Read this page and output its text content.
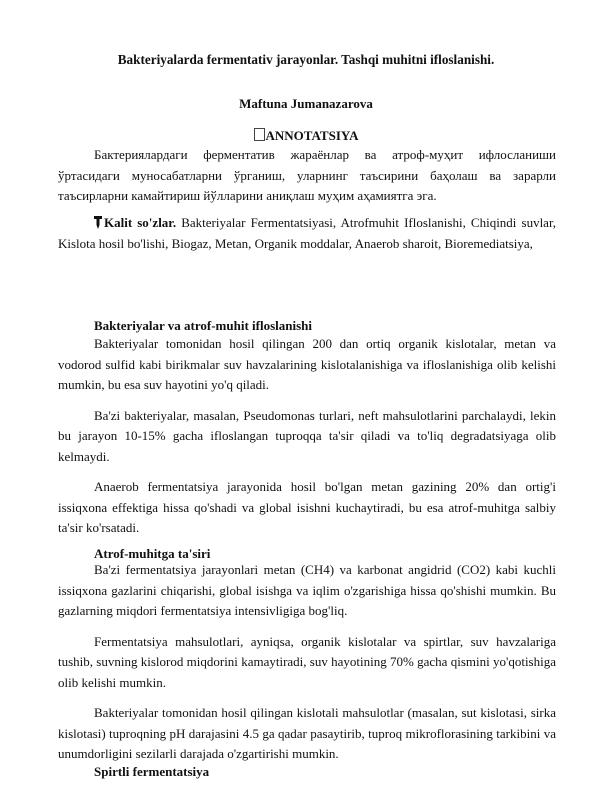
Bakteriyalarda fermentativ jarayonlar. Tashqi muhitni ifloslanishi.
Maftuna Jumanazarova
ANNOTATSIYA

Бактериялардаги ферментатив жараёнлар ва атроф-муҳит ифлосланиши ўртасидаги муносабатларни ўрганиш, уларнинг таъсирини баҳолаш ва зарарли таъсирларни камайтириш йўлларини аниқлаш муҳим аҳамиятга эга.

Kalit so'zlar. Bakteriyalar Fermentatsiyasi, Atrofmuhit Ifloslanishi, Chiqindi suvlar, Kislota hosil bo'lishi, Biogaz, Metan, Organik moddalar, Anaerob sharoit, Bioremediatsiya,

Bakteriyalar va atrof-muhit ifloslanishi

Bakteriyalar tomonidan hosil qilingan 200 dan ortiq organik kislotalar, metan va vodorod sulfid kabi birikmalar suv havzalarining kislotalanishiga va ifloslanishiga olib kelishi mumkin, bu esa suv hayotini yo'q qiladi.

Ba'zi bakteriyalar, masalan, Pseudomonas turlari, neft mahsulotlarini parchalaydi, lekin bu jarayon 10-15% gacha ifloslangan tuproqqa ta'sir qiladi va to'liq degradatsiyaga olib kelmaydi.

Anaerob fermentatsiya jarayonida hosil bo'lgan metan gazining 20% dan ortig'i issiqxona effektiga hissa qo'shadi va global isishni kuchaytiradi, bu esa atrof-muhitga salbiy ta'sir ko'rsatadi.

Atrof-muhitga ta'siri

Ba'zi fermentatsiya jarayonlari metan (CH4) va karbonat angidrid (CO2) kabi kuchli issiqxona gazlarini chiqarishi, global isishga va iqlim o'zgarishiga hissa qo'shishi mumkin. Bu gazlarning miqdori fermentatsiya intensivligiga bog'liq.

Fermentatsiya mahsulotlari, ayniqsa, organik kislotalar va spirtlar, suv havzalariga tushib, suvning kislorod miqdorini kamaytiradi, suv hayotining 70% gacha qismini yo'qotishiga olib kelishi mumkin.

Bakteriyalar tomonidan hosil qilingan kislotali mahsulotlar (masalan, sut kislotasi, sirka kislotasi) tuproqning pH darajasini 4.5 ga qadar pasaytirib, tuproq mikroflorasining tarkibini va unumdorligini sezilarli darajada o'zgartirishi mumkin.

Spirtli fermentatsiya
